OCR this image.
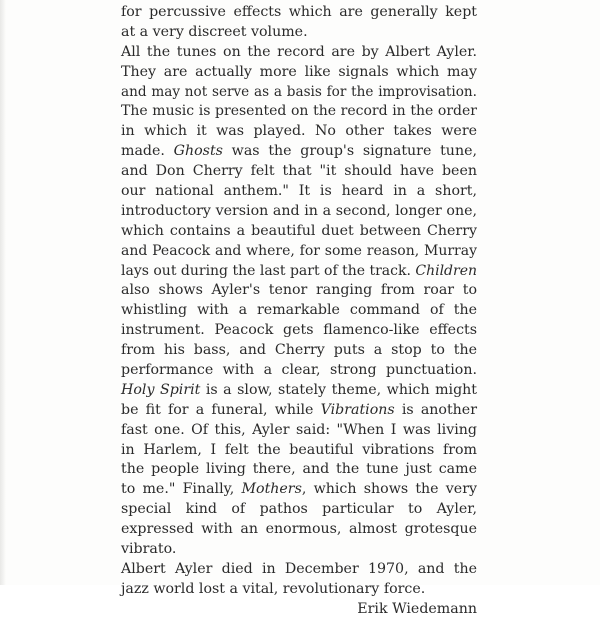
for percussive effects which are generally kept
at a very discreet volume.
All the tunes on the record are by Albert Ayler.
They are actually more like signals which may
and may not serve as a basis for the improvisation.
The music is presented on the record in the order
in which it was played. No other takes were
made. Ghosts was the group's signature tune,
and Don Cherry felt that "it should have been
our national anthem." It is heard in a short,
introductory version and in a second, longer one,
which contains a beautiful duet between Cherry
and Peacock and where, for some reason, Murray
lays out during the last part of the track. Children
also shows Ayler's tenor ranging from roar to
whistling with a remarkable command of the
instrument. Peacock gets flamenco-like effects
from his bass, and Cherry puts a stop to the
performance with a clear, strong punctuation.
Holy Spirit is a slow, stately theme, which might
be fit for a funeral, while Vibrations is another
fast one. Of this, Ayler said: "When I was living
in Harlem, I felt the beautiful vibrations from
the people living there, and the tune just came
to me." Finally, Mothers, which shows the very
special kind of pathos particular to Ayler,
expressed with an enormous, almost grotesque
vibrato.
Albert Ayler died in December 1970, and the
jazz world lost a vital, revolutionary force.
Erik Wiedemann
